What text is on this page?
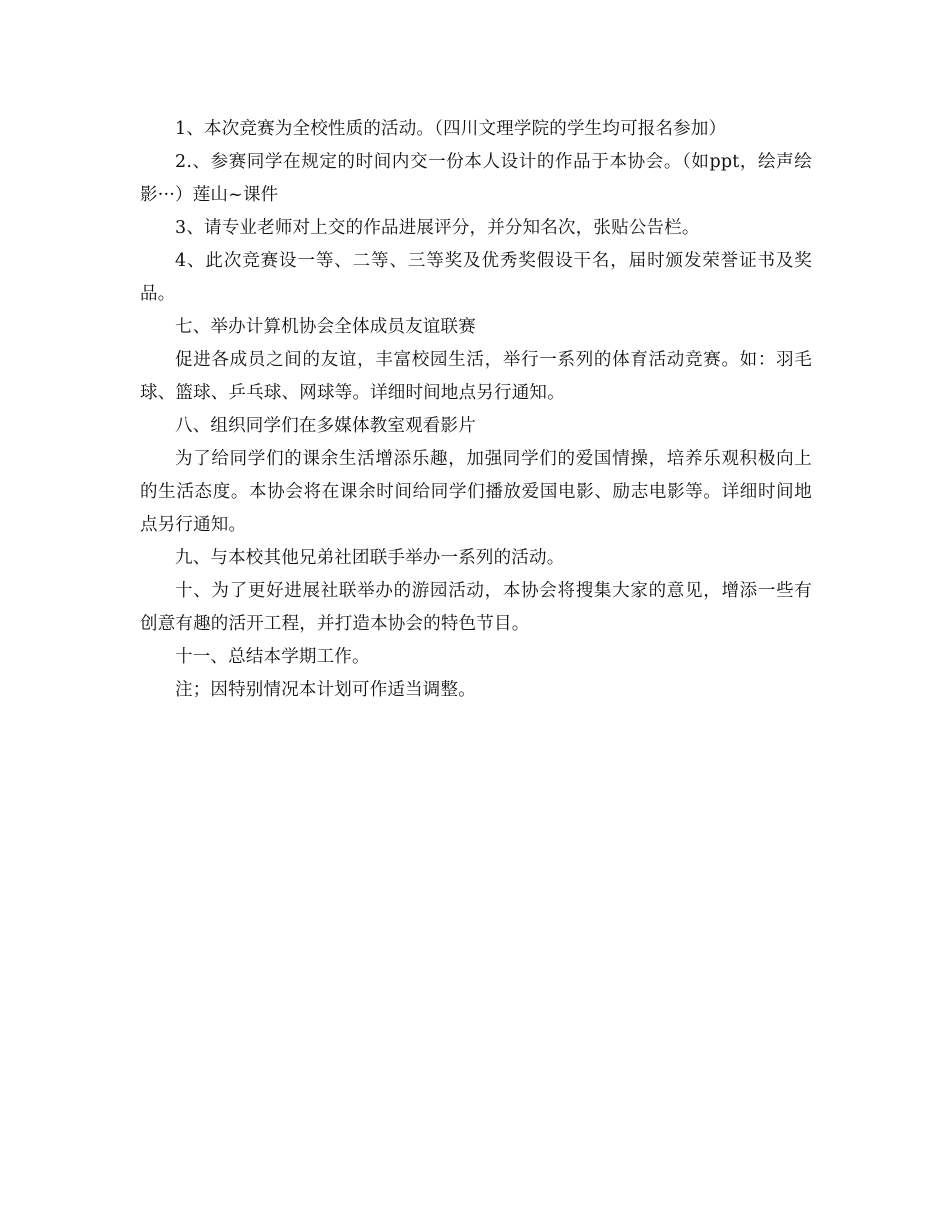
1、本次竞赛为全校性质的活动。（四川文理学院的学生均可报名参加）

2.、参赛同学在规定的时间内交一份本人设计的作品于本协会。（如ppt，绘声绘影···）莲山~课件

3、请专业老师对上交的作品进展评分，并分知名次，张贴公告栏。

4、此次竞赛设一等、二等、三等奖及优秀奖假设干名，届时颁发荣誉证书及奖品。

七、举办计算机协会全体成员友谊联赛

促进各成员之间的友谊，丰富校园生活，举行一系列的体育活动竞赛。如：羽毛球、篮球、乒乓球、网球等。详细时间地点另行通知。

八、组织同学们在多媒体教室观看影片

为了给同学们的课余生活增添乐趣，加强同学们的爱国情操，培养乐观积极向上的生活态度。本协会将在课余时间给同学们播放爱国电影、励志电影等。详细时间地点另行通知。

九、与本校其他兄弟社团联手举办一系列的活动。

十、为了更好进展社联举办的游园活动，本协会将搜集大家的意见，增添一些有创意有趣的活开工程，并打造本协会的特色节目。

十一、总结本学期工作。

注；因特别情况本计划可作适当调整。
